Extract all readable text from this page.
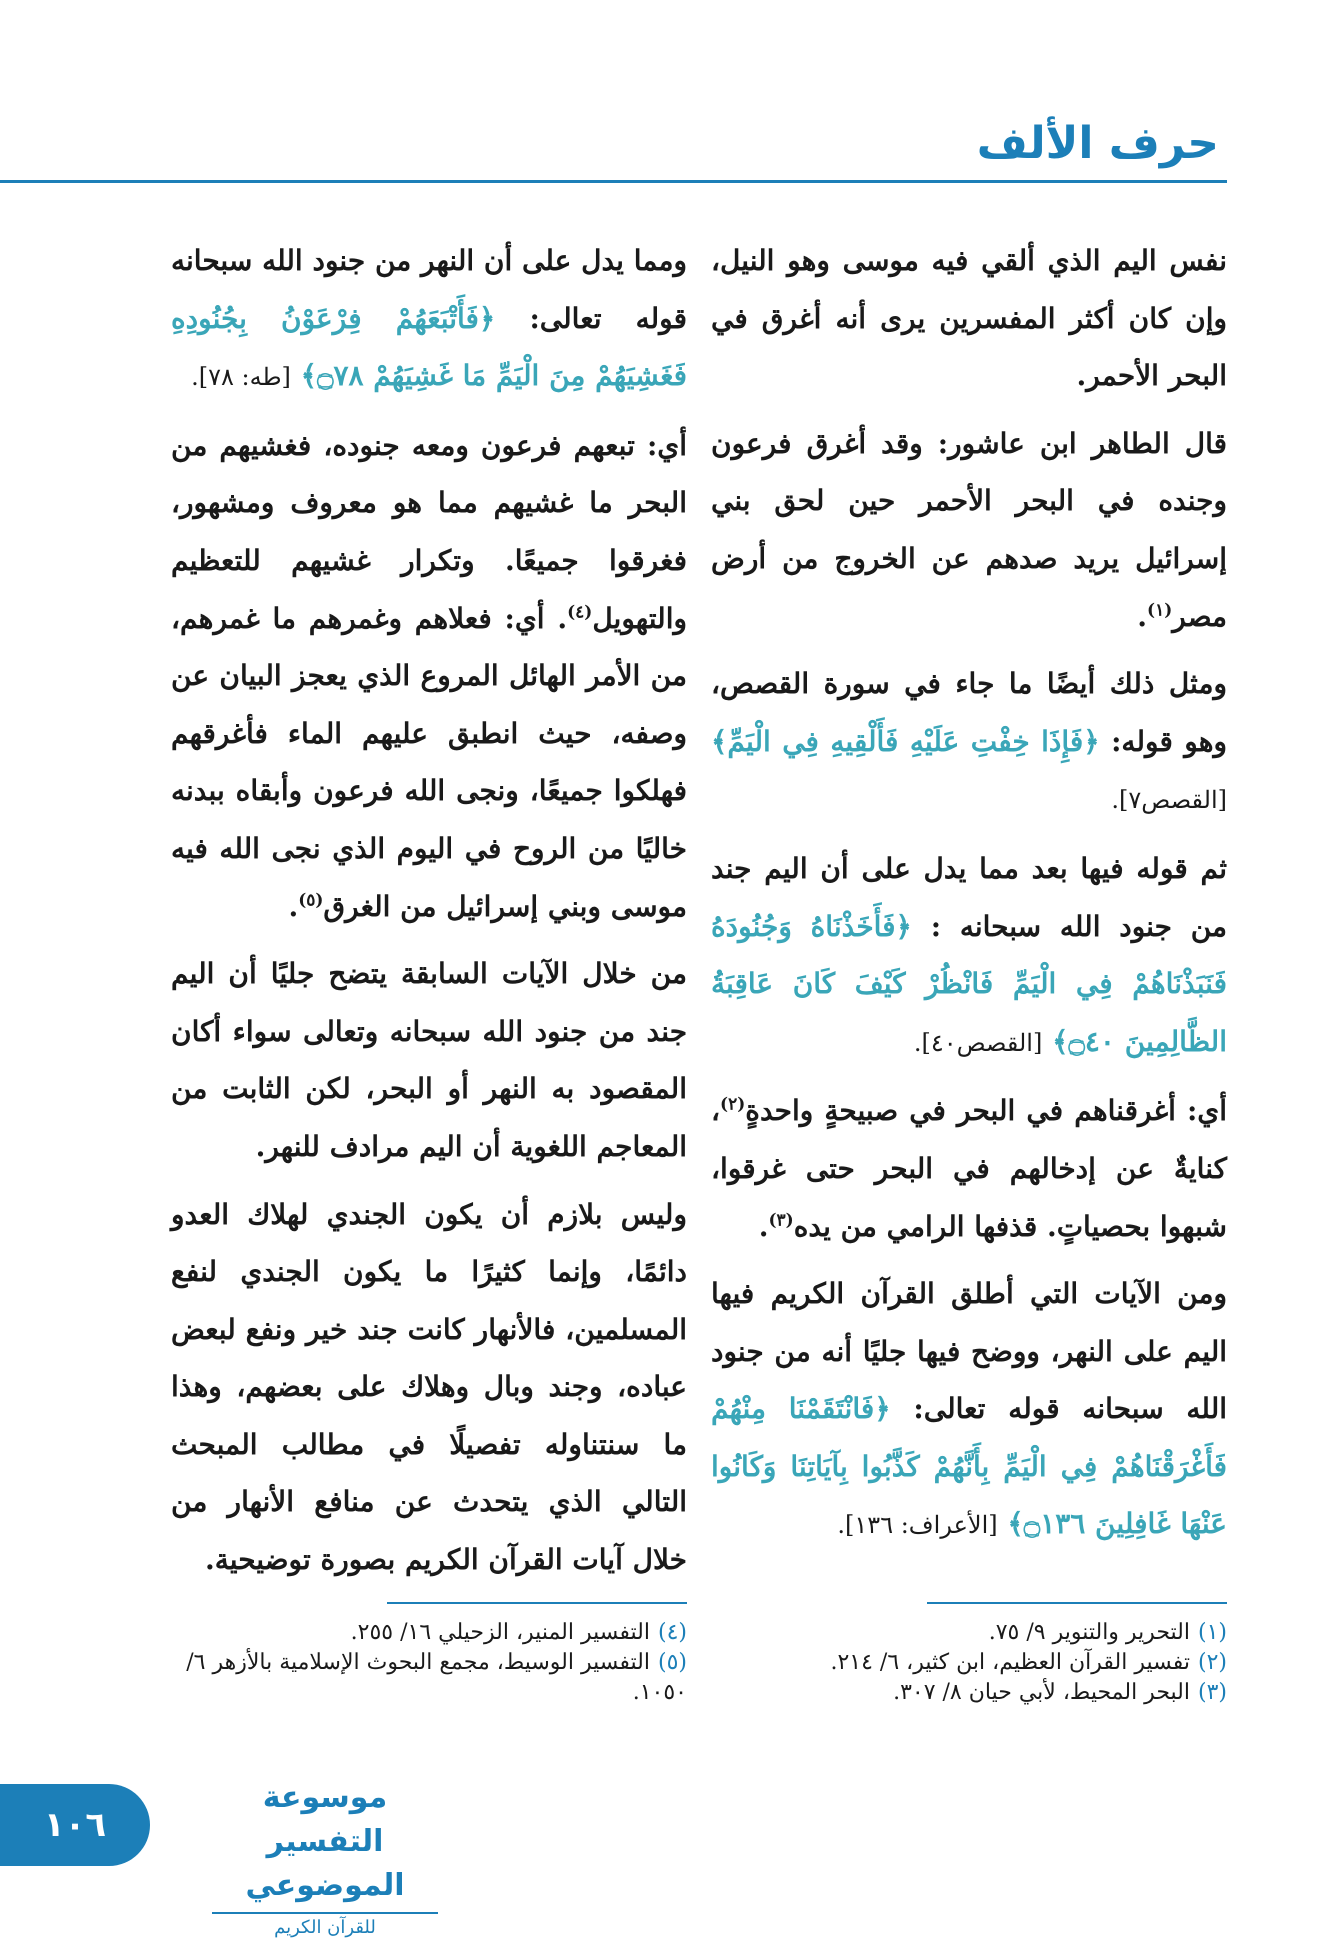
حرف الألف

نفس اليم الذي ألقي فيه موسى وهو النيل، وإن كان أكثر المفسرين يرى أنه أغرق في البحر الأحمر.

قال الطاهر ابن عاشور: وقد أغرق فرعون وجنده في البحر الأحمر حين لحق بني إسرائيل يريد صدهم عن الخروج من أرض مصر$^{(١)}$.

ومثل ذلك أيضًا ما جاء في سورة القصص، وهو قوله: ﴿فَإِذَا خِفْتِ عَلَيْهِ فَأَلْقِيهِ فِي الْيَمِّ﴾ [القصص٧].

ثم قوله فيها بعد مما يدل على أن اليم جند من جنود الله سبحانه : ﴿فَأَخَذْنَاهُ وَجُنُودَهُ فَنَبَذْنَاهُمْ فِي الْيَمِّ فَانْظُرْ كَيْفَ كَانَ عَاقِبَةُ الظَّالِمِينَ ۝٤٠﴾ [القصص٤٠].

أي: أغرقناهم في البحر في صبيحةٍ واحدةٍ$^{(٢)}$، كنايةٌ عن إدخالهم في البحر حتى غرقوا، شبهوا بحصياتٍ. قذفها الرامي من يده$^{(٣)}$.

ومن الآيات التي أطلق القرآن الكريم فيها اليم على النهر، ووضح فيها جليًا أنه من جنود الله سبحانه قوله تعالى: ﴿فَانْتَقَمْنَا مِنْهُمْ فَأَغْرَقْنَاهُمْ فِي الْيَمِّ بِأَنَّهُمْ كَذَّبُوا بِآيَاتِنَا وَكَانُوا عَنْهَا غَافِلِينَ ۝١٣٦﴾ [الأعراف: ١٣٦].

ومما يدل على أن النهر من جنود الله سبحانه قوله تعالى: ﴿فَأَتْبَعَهُمْ فِرْعَوْنُ بِجُنُودِهِ فَغَشِيَهُمْ مِنَ الْيَمِّ مَا غَشِيَهُمْ ۝٧٨﴾ [طه: ٧٨].

أي: تبعهم فرعون ومعه جنوده، فغشيهم من البحر ما غشيهم مما هو معروف ومشهور، فغرقوا جميعًا. وتكرار غشيهم للتعظيم والتهويل$^{(٤)}$. أي: فعلاهم وغمرهم ما غمرهم، من الأمر الهائل المروع الذي يعجز البيان عن وصفه، حيث انطبق عليهم الماء فأغرقهم فهلكوا جميعًا، ونجى الله فرعون وأبقاه ببدنه خاليًا من الروح في اليوم الذي نجى الله فيه موسى وبني إسرائيل من الغرق$^{(٥)}$.

من خلال الآيات السابقة يتضح جليًا أن اليم جند من جنود الله سبحانه وتعالى سواء أكان المقصود به النهر أو البحر، لكن الثابت من المعاجم اللغوية أن اليم مرادف للنهر.

وليس بلازم أن يكون الجندي لهلاك العدو دائمًا، وإنما كثيرًا ما يكون الجندي لنفع المسلمين، فالأنهار كانت جند خير ونفع لبعض عباده، وجند وبال وهلاك على بعضهم، وهذا ما سنتناوله تفصيلًا في مطالب المبحث التالي الذي يتحدث عن منافع الأنهار من خلال آيات القرآن الكريم بصورة توضيحية.

(١)التحرير والتنوير ٩/ ٧٥.
(٢)تفسير القرآن العظيم، ابن كثير، ٦/ ٢١٤.
(٣)البحر المحيط، لأبي حيان ٨/ ٣٠٧.
(٤)التفسير المنير، الزحيلي ١٦/ ٢٥٥.
(٥)التفسير الوسيط، مجمع البحوث الإسلامية بالأزهر ٦/ ١٠٥٠.
١٠٦
موسوعة التفسير الموضوعي
للقرآن الكريم
